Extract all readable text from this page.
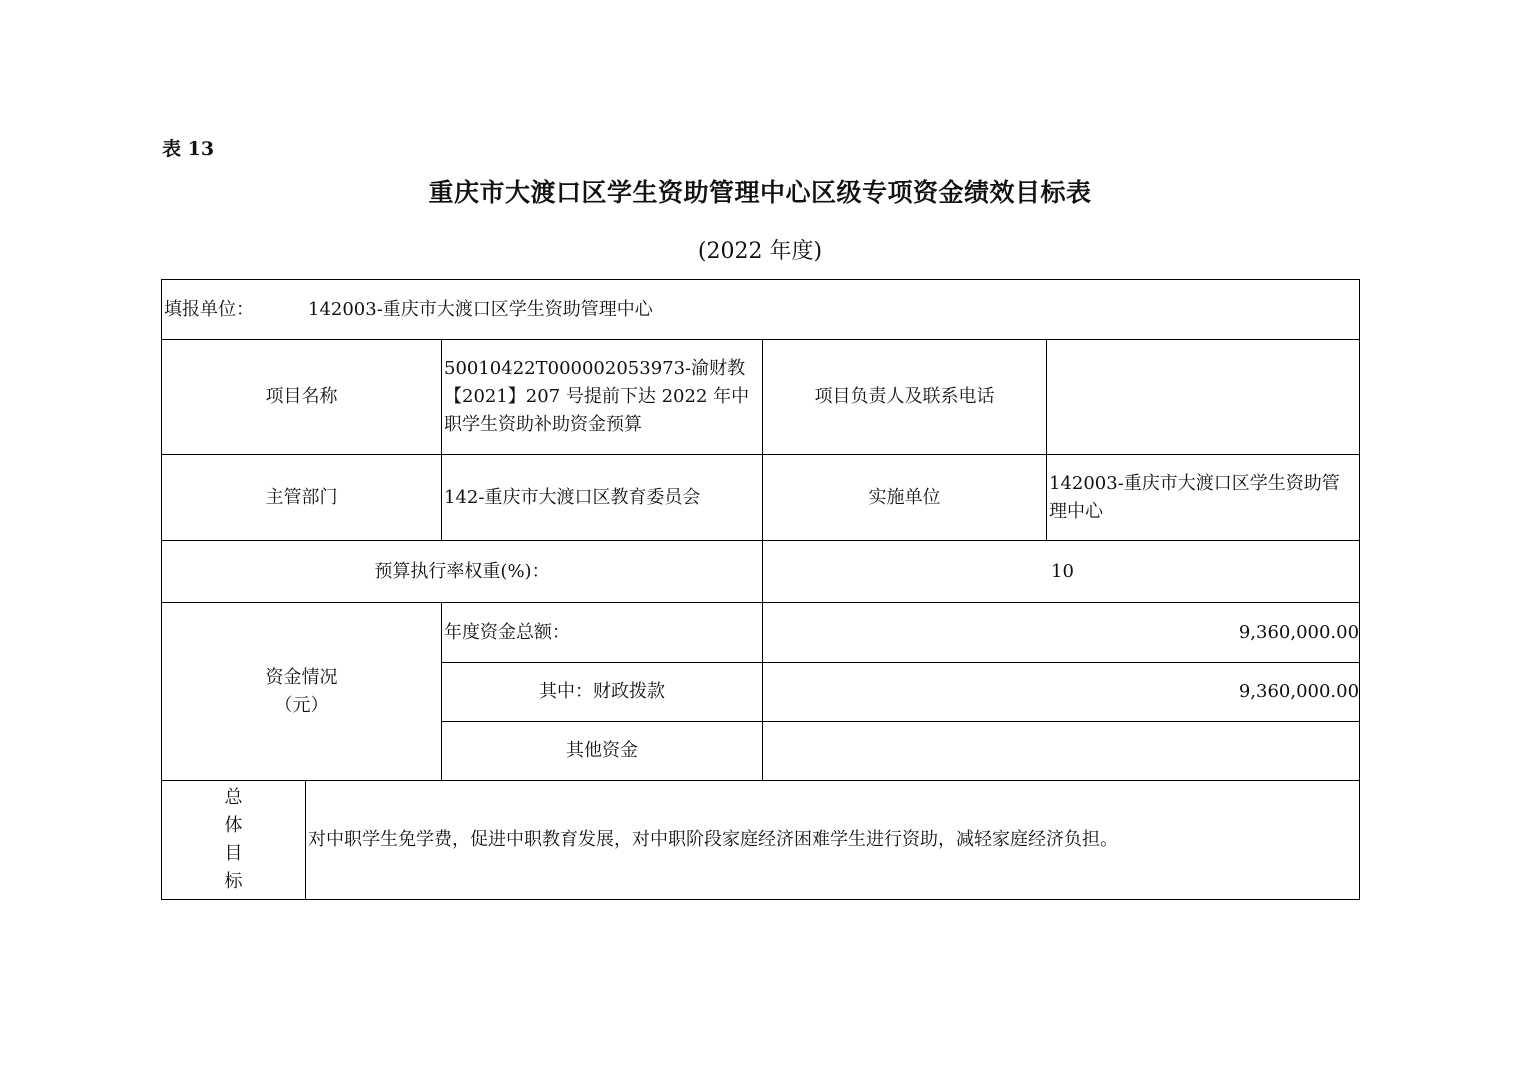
表 13
重庆市大渡口区学生资助管理中心区级专项资金绩效目标表
(2022 年度)
填报单位： 142003-重庆市大渡口区学生资助管理中心				
项目名称		50010422T000002053973-渝财教【2021】207 号提前下达 2022 年中职学生资助补助资金预算	项目负责人及联系电话	
主管部门		142-重庆市大渡口区教育委员会	实施单位	142003-重庆市大渡口区学生资助管理中心
预算执行率权重(%)：			10	

资金情况
（元）		年度资金总额：	9,360,000.00	
		其中：财政拨款	9,360,000.00	
		其他资金		

总
体
目
标	对中职学生免学费，促进中职教育发展，对中职阶段家庭经济困难学生进行资助，减轻家庭经济负担。			
